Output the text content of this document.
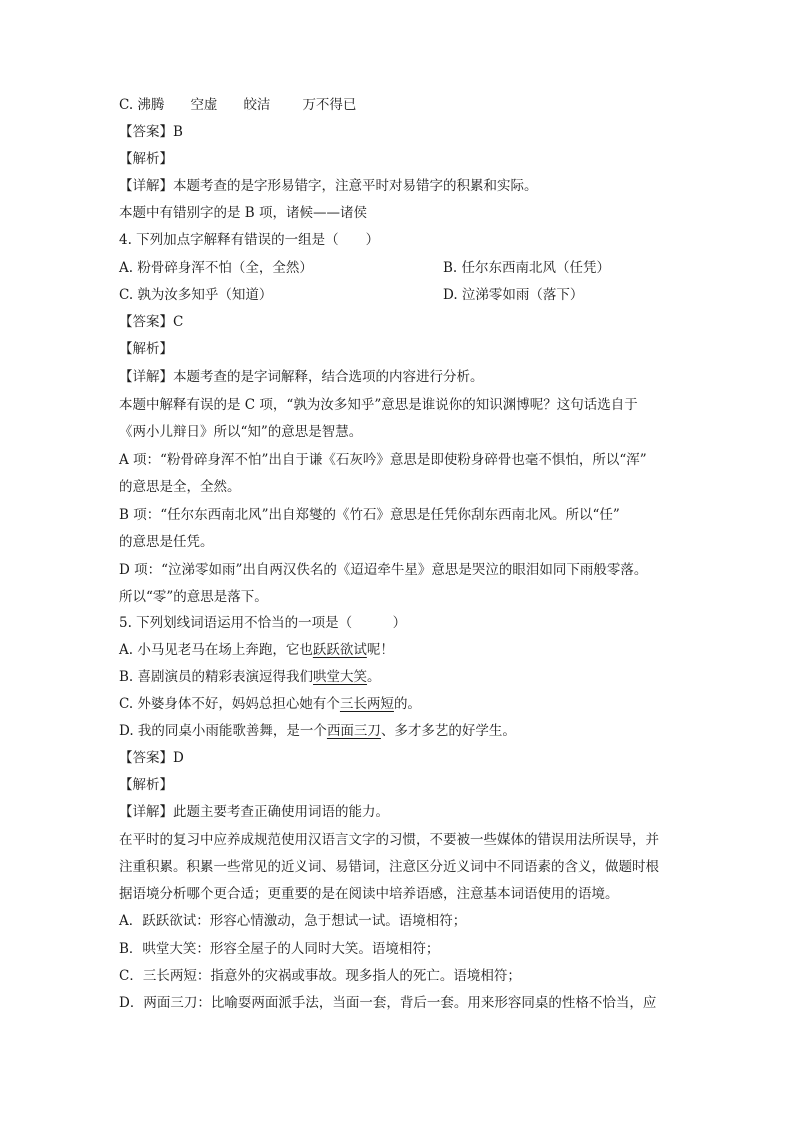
C. 沸腾 空虚 皎洁 万不得已
【答案】B
【解析】
【详解】本题考查的是字形易错字，注意平时对易错字的积累和实际。
本题中有错别字的是 B 项，诸候——诸侯
4. 下列加点字解释有错误的一组是（　　）
A. 粉骨碎身浑不怕（全，全然）	B. 任尔东西南北风（任凭）
C. 孰为汝多知乎（知道）	D. 泣涕零如雨（落下）
【答案】C
【解析】
【详解】本题考查的是字词解释，结合选项的内容进行分析。
本题中解释有误的是 C 项，“孰为汝多知乎”意思是谁说你的知识渊博呢？这句话选自于
《两小儿辩日》所以“知”的意思是智慧。
A 项：“粉骨碎身浑不怕”出自于谦《石灰吟》意思是即使粉身碎骨也毫不惧怕，所以“浑”
的意思是全，全然。
B 项：“任尔东西南北风”出自郑燮的《竹石》意思是任凭你刮东西南北风。所以“任”
的意思是任凭。
D 项：“泣涕零如雨”出自两汉佚名的《迢迢牵牛星》意思是哭泣的眼泪如同下雨般零落。
所以“零”的意思是落下。
5. 下列划线词语运用不恰当的一项是（　　　）
A. 小马见老马在场上奔跑，它也跃跃欲试呢！
B. 喜剧演员的精彩表演逗得我们哄堂大笑。
C. 外婆身体不好，妈妈总担心她有个三长两短的。
D. 我的同桌小雨能歌善舞，是一个西面三刀、多才多艺的好学生。
【答案】D
【解析】
【详解】此题主要考查正确使用词语的能力。
在平时的复习中应养成规范使用汉语言文字的习惯，不要被一些媒体的错误用法所误导，并
注重积累。积累一些常见的近义词、易错词，注意区分近义词中不同语素的含义，做题时根
据语境分析哪个更合适；更重要的是在阅读中培养语感，注意基本词语使用的语境。
A．跃跃欲试：形容心情激动，急于想试一试。语境相符；
B．哄堂大笑：形容全屋子的人同时大笑。语境相符；
C．三长两短：指意外的灾祸或事故。现多指人的死亡。语境相符；
D．两面三刀：比喻耍两面派手法，当面一套，背后一套。用来形容同桌的性格不恰当，应
